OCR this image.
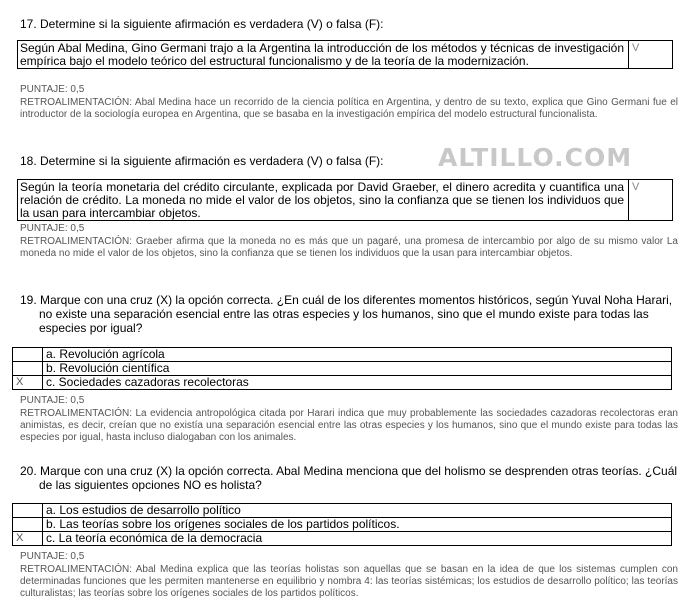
17. Determine si la siguiente afirmación es verdadera (V) o falsa (F):
Según Abal Medina, Gino Germani trajo a la Argentina la introducción de los métodos y técnicas de investigación empírica bajo el modelo teórico del estructural funcionalismo y de la teoría de la modernización.
V
PUNTAJE: 0,5
RETROALIMENTACIÓN: Abal Medina hace un recorrido de la ciencia política en Argentina, y dentro de su texto, explica que Gino Germani fue el introductor de la sociología europea en Argentina, que se basaba en la investigación empírica del modelo estructural funcionalista.
18. Determine si la siguiente afirmación es verdadera (V) o falsa (F):	ALTILLO.COM
Según la teoría monetaria del crédito circulante, explicada por David Graeber, el dinero acredita y cuantifica una relación de crédito. La moneda no mide el valor de los objetos, sino la confianza que se tienen los individuos que la usan para intercambiar objetos.
V
PUNTAJE: 0,5
RETROALIMENTACIÓN: Graeber afirma que la moneda no es más que un pagaré, una promesa de intercambio por algo de su mismo valor La moneda no mide el valor de los objetos, sino la confianza que se tienen los individuos que la usan para intercambiar objetos.
19. Marque con una cruz (X) la opción correcta. ¿En cuál de los diferentes momentos históricos, según Yuval Noha Harari, no existe una separación esencial entre las otras especies y los humanos, sino que el mundo existe para todas las especies por igual?
	a. Revolución agrícola
	b. Revolución científica
X	c. Sociedades cazadoras recolectoras
PUNTAJE: 0,5
RETROALIMENTACIÓN: La evidencia antropológica citada por Harari indica que muy probablemente las sociedades cazadoras recolectoras eran animistas, es decir, creían que no existía una separación esencial entre las otras especies y los humanos, sino que el mundo existe para todas las especies por igual, hasta incluso dialogaban con los animales.
20. Marque con una cruz (X) la opción correcta. Abal Medina menciona que del holismo se desprenden otras teorías. ¿Cuál de las siguientes opciones NO es holista?
	a. Los estudios de desarrollo político
	b. Las teorías sobre los orígenes sociales de los partidos políticos.
X	c. La teoría económica de la democracia
PUNTAJE: 0,5
RETROALIMENTACIÓN: Abal Medina explica que las teorías holistas son aquellas que se basan en la idea de que los sistemas cumplen con determinadas funciones que les permiten mantenerse en equilibrio y nombra 4: las teorías sistémicas; los estudios de desarrollo político; las teorías culturalistas; las teorías sobre los orígenes sociales de los partidos políticos.
